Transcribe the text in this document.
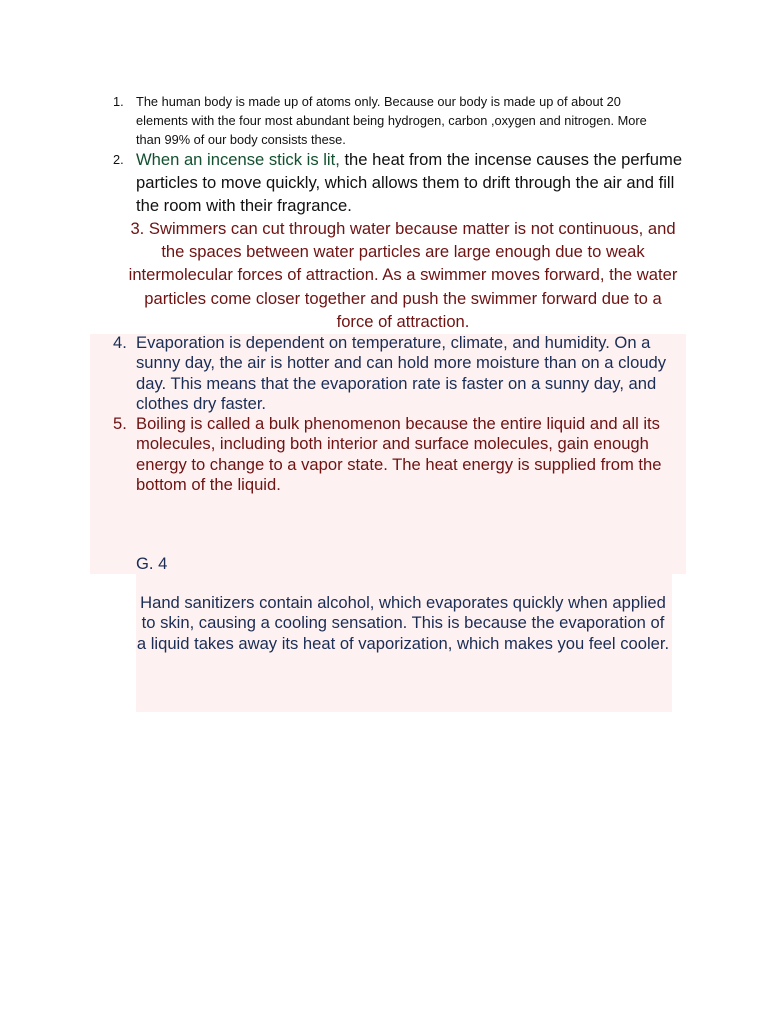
1. The human body is made up of atoms only. Because our body is made up of about 20 elements with the four most abundant being hydrogen, carbon ,oxygen and nitrogen. More than 99% of our body consists these.

2. When an incense stick is lit, the heat from the incense causes the perfume particles to move quickly, which allows them to drift through the air and fill the room with their fragrance.

3. Swimmers can cut through water because matter is not continuous, and the spaces between water particles are large enough due to weak intermolecular forces of attraction. As a swimmer moves forward, the water particles come closer together and push the swimmer forward due to a force of attraction.

4. Evaporation is dependent on temperature, climate, and humidity. On a sunny day, the air is hotter and can hold more moisture than on a cloudy day. This means that the evaporation rate is faster on a sunny day, and clothes dry faster.

5. Boiling is called a bulk phenomenon because the entire liquid and all its molecules, including both interior and surface molecules, gain enough energy to change to a vapor state. The heat energy is supplied from the bottom of the liquid.

G. 4

Hand sanitizers contain alcohol, which evaporates quickly when applied to skin, causing a cooling sensation. This is because the evaporation of a liquid takes away its heat of vaporization, which makes you feel cooler.
